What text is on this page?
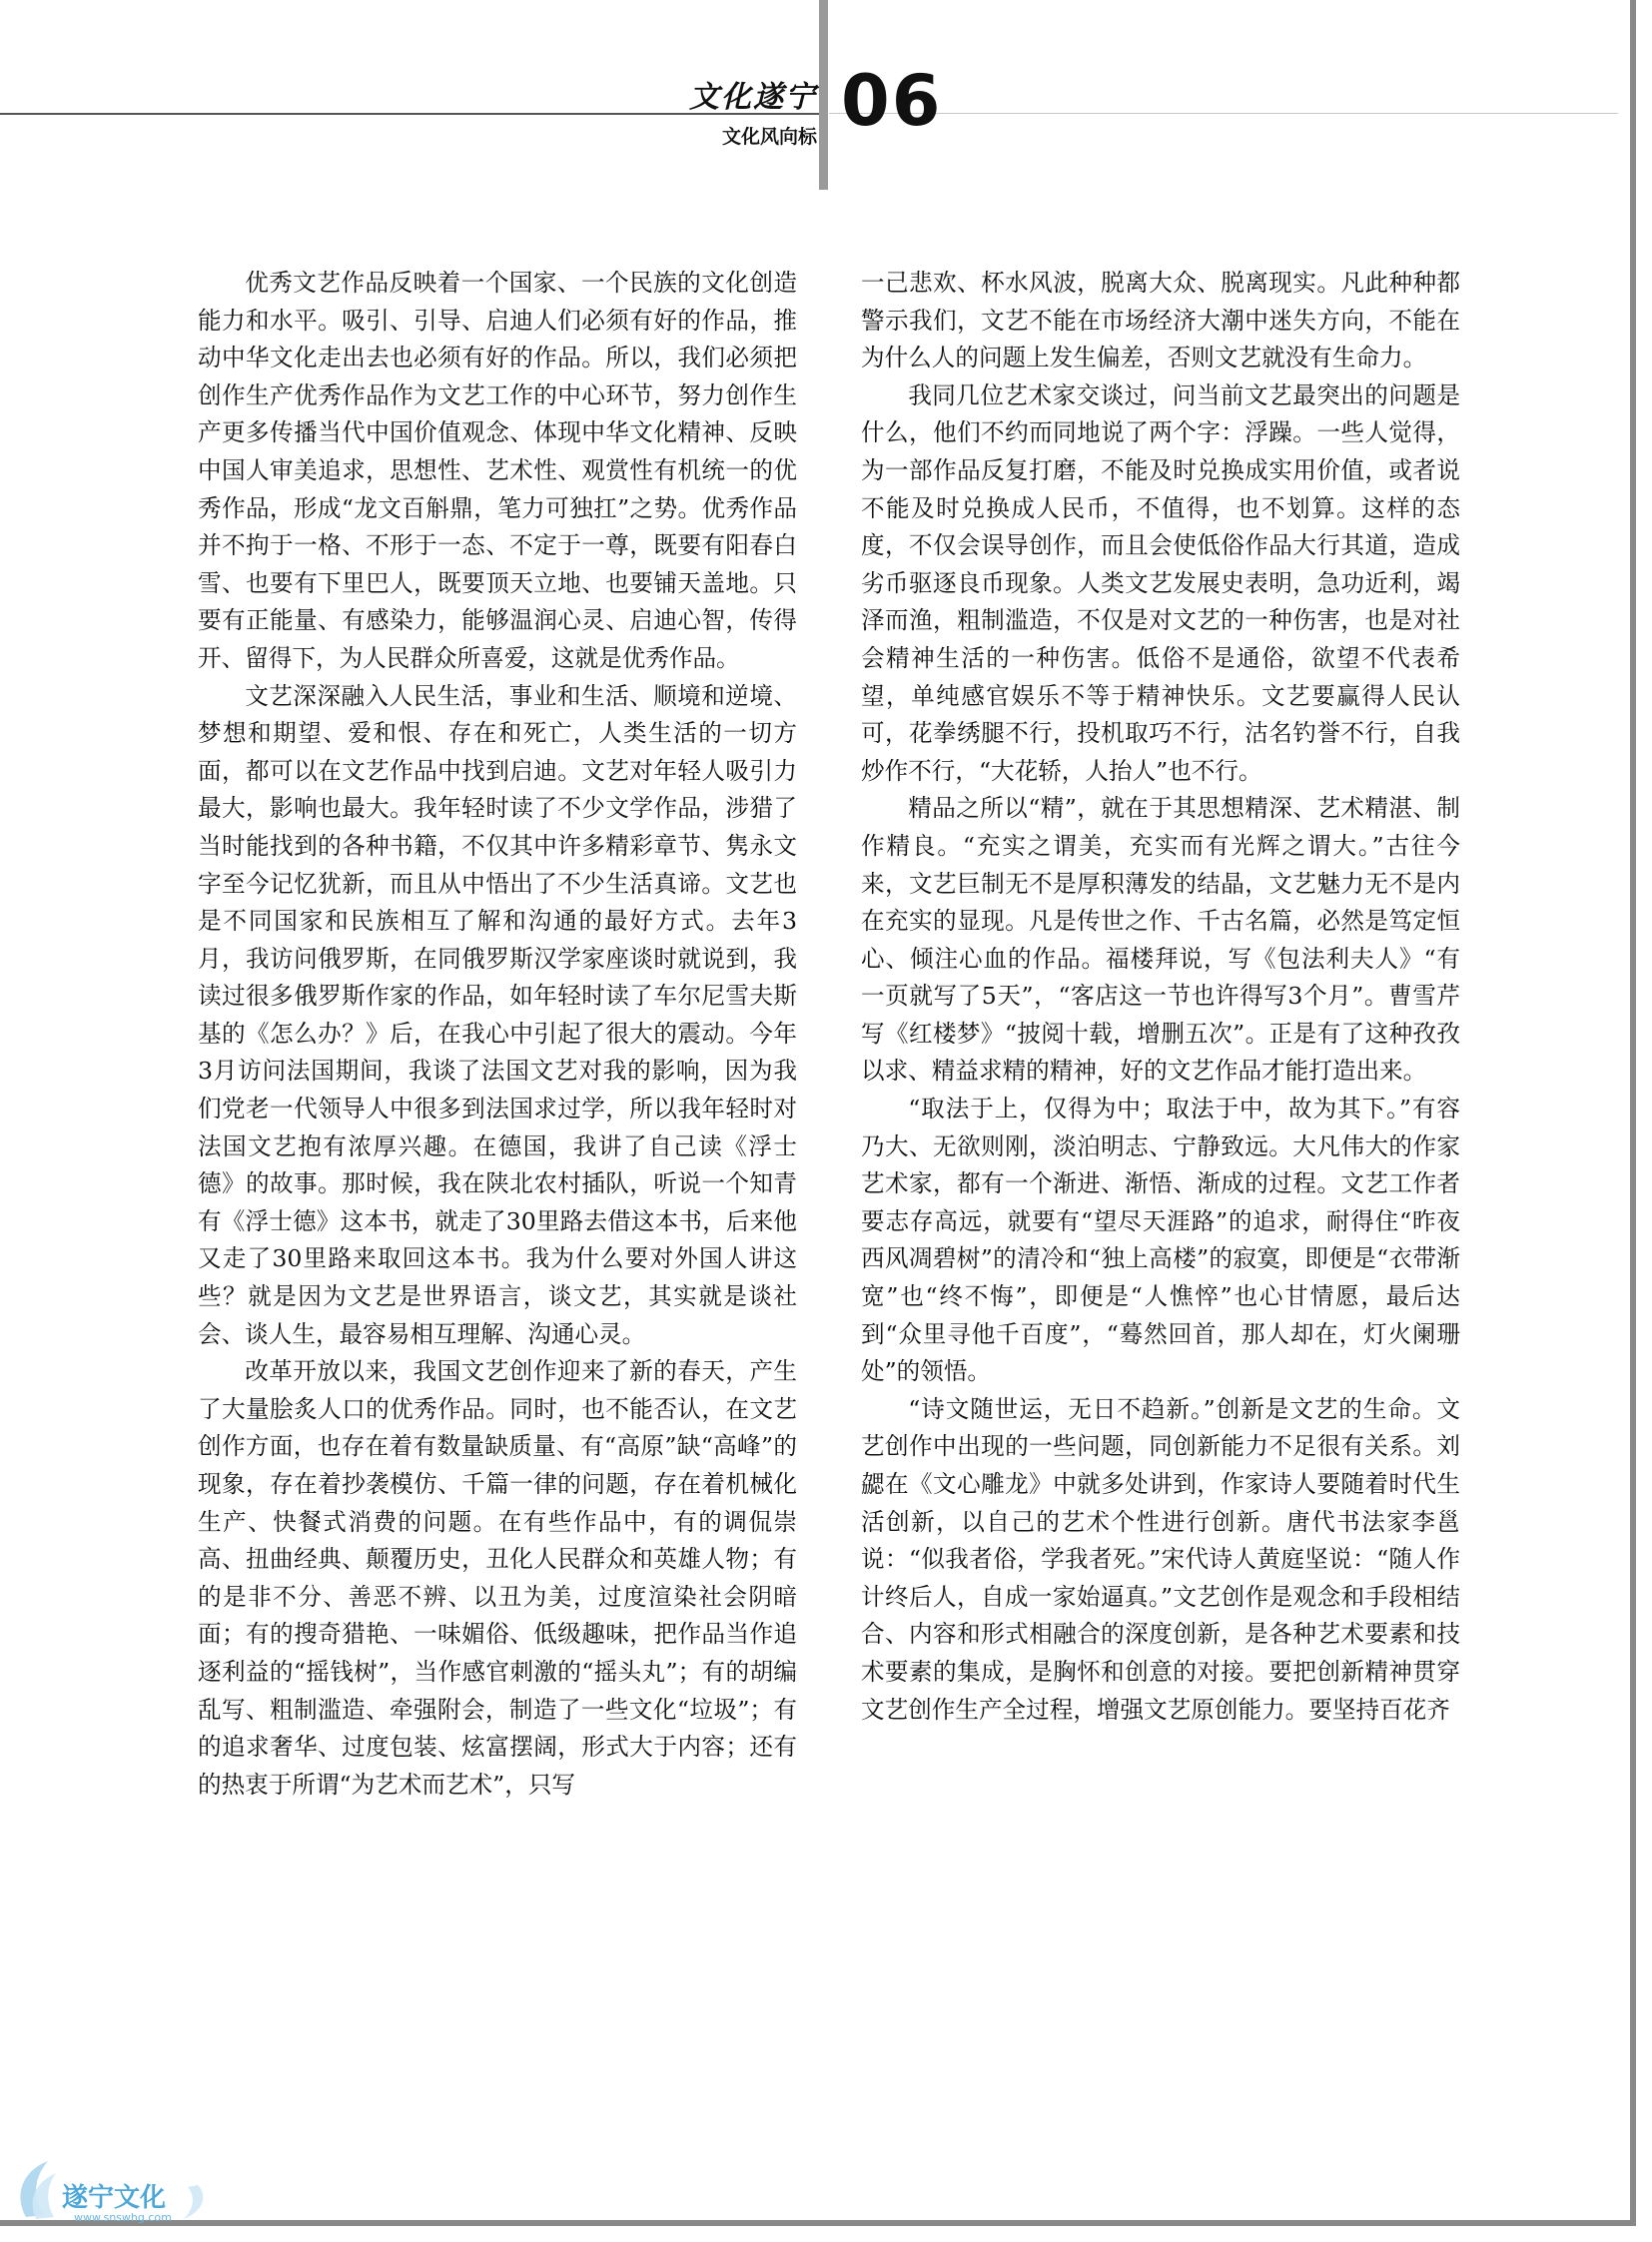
文化遂宁
文化风向标 06

优秀文艺作品反映着一个国家、一个民族的文化创造能力和水平。吸引、引导、启迪人们必须有好的作品，推动中华文化走出去也必须有好的作品。所以，我们必须把创作生产优秀作品作为文艺工作的中心环节，努力创作生产更多传播当代中国价值观念、体现中华文化精神、反映中国人审美追求，思想性、艺术性、观赏性有机统一的优秀作品，形成“龙文百斛鼎，笔力可独扛”之势。优秀作品并不拘于一格、不形于一态、不定于一尊，既要有阳春白雪、也要有下里巴人，既要顶天立地、也要铺天盖地。只要有正能量、有感染力，能够温润心灵、启迪心智，传得开、留得下，为人民群众所喜爱，这就是优秀作品。

文艺深深融入人民生活，事业和生活、顺境和逆境、梦想和期望、爱和恨、存在和死亡，人类生活的一切方面，都可以在文艺作品中找到启迪。文艺对年轻人吸引力最大，影响也最大。我年轻时读了不少文学作品，涉猎了当时能找到的各种书籍，不仅其中许多精彩章节、隽永文字至今记忆犹新，而且从中悟出了不少生活真谛。文艺也是不同国家和民族相互了解和沟通的最好方式。去年3月，我访问俄罗斯，在同俄罗斯汉学家座谈时就说到，我读过很多俄罗斯作家的作品，如年轻时读了车尔尼雪夫斯基的《怎么办？》后，在我心中引起了很大的震动。今年3月访问法国期间，我谈了法国文艺对我的影响，因为我们党老一代领导人中很多到法国求过学，所以我年轻时对法国文艺抱有浓厚兴趣。在德国，我讲了自己读《浮士德》的故事。那时候，我在陕北农村插队，听说一个知青有《浮士德》这本书，就走了30里路去借这本书，后来他又走了30里路来取回这本书。我为什么要对外国人讲这些？就是因为文艺是世界语言，谈文艺，其实就是谈社会、谈人生，最容易相互理解、沟通心灵。

改革开放以来，我国文艺创作迎来了新的春天，产生了大量脍炙人口的优秀作品。同时，也不能否认，在文艺创作方面，也存在着有数量缺质量、有“高原”缺“高峰”的现象，存在着抄袭模仿、千篇一律的问题，存在着机械化生产、快餐式消费的问题。在有些作品中，有的调侃崇高、扭曲经典、颠覆历史，丑化人民群众和英雄人物；有的是非不分、善恶不辨、以丑为美，过度渲染社会阴暗面；有的搜奇猎艳、一味媚俗、低级趣味，把作品当作追逐利益的“摇钱树”，当作感官刺激的“摇头丸”；有的胡编乱写、粗制滥造、牵强附会，制造了一些文化“垃圾”；有的追求奢华、过度包装、炫富摆阔，形式大于内容；还有的热衷于所谓“为艺术而艺术”，只写

一己悲欢、杯水风波，脱离大众、脱离现实。凡此种种都警示我们，文艺不能在市场经济大潮中迷失方向，不能在为什么人的问题上发生偏差，否则文艺就没有生命力。

我同几位艺术家交谈过，问当前文艺最突出的问题是什么，他们不约而同地说了两个字：浮躁。一些人觉得，为一部作品反复打磨，不能及时兑换成实用价值，或者说不能及时兑换成人民币，不值得，也不划算。这样的态度，不仅会误导创作，而且会使低俗作品大行其道，造成劣币驱逐良币现象。人类文艺发展史表明，急功近利，竭泽而渔，粗制滥造，不仅是对文艺的一种伤害，也是对社会精神生活的一种伤害。低俗不是通俗，欲望不代表希望，单纯感官娱乐不等于精神快乐。文艺要赢得人民认可，花拳绣腿不行，投机取巧不行，沽名钓誉不行，自我炒作不行，“大花轿，人抬人”也不行。

精品之所以“精”，就在于其思想精深、艺术精湛、制作精良。“充实之谓美，充实而有光辉之谓大。”古往今来，文艺巨制无不是厚积薄发的结晶，文艺魅力无不是内在充实的显现。凡是传世之作、千古名篇，必然是笃定恒心、倾注心血的作品。福楼拜说，写《包法利夫人》“有一页就写了5天”，“客店这一节也许得写3个月”。曹雪芹写《红楼梦》“披阅十载，增删五次”。正是有了这种孜孜以求、精益求精的精神，好的文艺作品才能打造出来。

“取法于上，仅得为中；取法于中，故为其下。”有容乃大、无欲则刚，淡泊明志、宁静致远。大凡伟大的作家艺术家，都有一个渐进、渐悟、渐成的过程。文艺工作者要志存高远，就要有“望尽天涯路”的追求，耐得住“昨夜西风凋碧树”的清冷和“独上高楼”的寂寞，即便是“衣带渐宽”也“终不悔”，即便是“人憔悴”也心甘情愿，最后达到“众里寻他千百度”，“蓦然回首，那人却在，灯火阑珊处”的领悟。

“诗文随世运，无日不趋新。”创新是文艺的生命。文艺创作中出现的一些问题，同创新能力不足很有关系。刘勰在《文心雕龙》中就多处讲到，作家诗人要随着时代生活创新，以自己的艺术个性进行创新。唐代书法家李邕说：“似我者俗，学我者死。”宋代诗人黄庭坚说：“随人作计终后人，自成一家始逼真。”文艺创作是观念和手段相结合、内容和形式相融合的深度创新，是各种艺术要素和技术要素的集成，是胸怀和创意的对接。要把创新精神贯穿文艺创作生产全过程，增强文艺原创能力。要坚持百花齐

遂宁文化
www.snswhg.com
